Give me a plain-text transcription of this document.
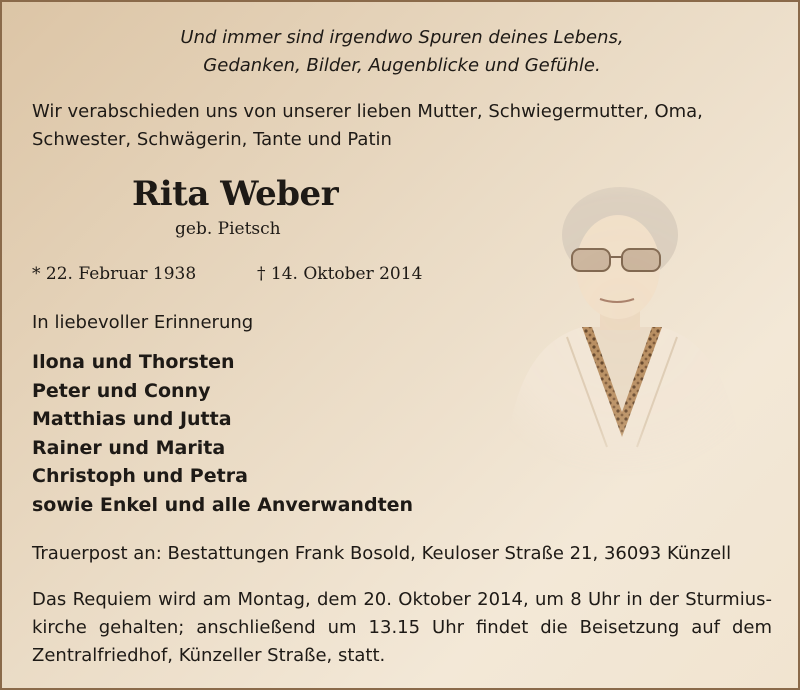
Und immer sind irgendwo Spuren deines Lebens,
Gedanken, Bilder, Augenblicke und Gefühle.
Wir verabschieden uns von unserer lieben Mutter, Schwiegermutter, Oma,
Schwester, Schwägerin, Tante und Patin
Rita Weber
geb. Pietsch
* 22. Februar 1938	† 14. Oktober 2014
In liebevoller Erinnerung
Ilona und Thorsten
Peter und Conny
Matthias und Jutta
Rainer und Marita
Christoph und Petra
sowie Enkel und alle Anverwandten
Trauerpost an: Bestattungen Frank Bosold, Keuloser Straße 21, 36093 Künzell
Das Requiem wird am Montag, dem 20. Oktober 2014, um 8 Uhr in der Sturmius-
kirche gehalten; anschließend um 13.15 Uhr findet die Beisetzung auf dem
Zentralfriedhof, Künzeller Straße, statt.
